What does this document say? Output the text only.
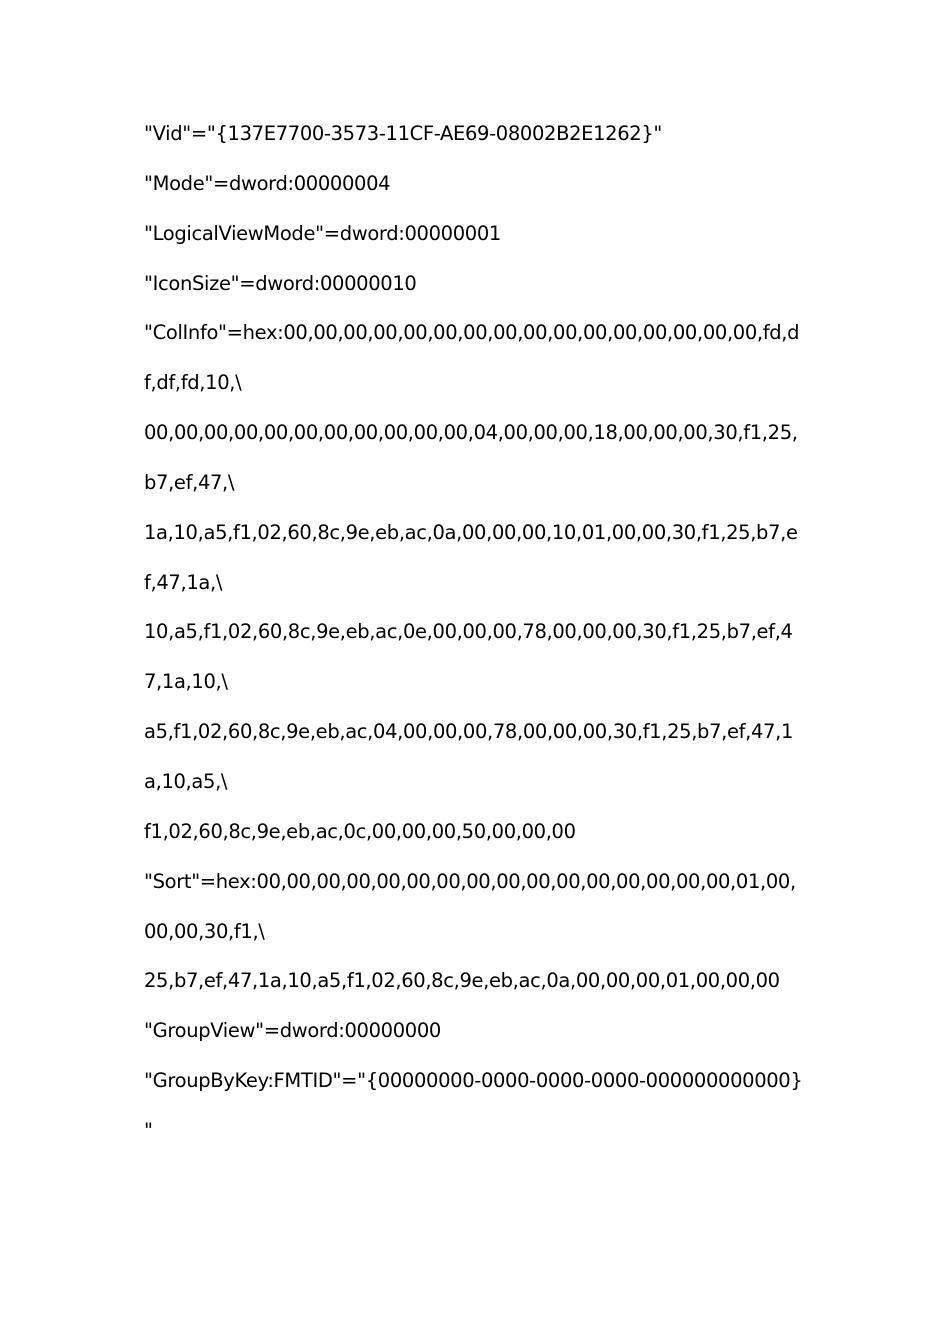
"Vid"="{137E7700-3573-11CF-AE69-08002B2E1262}"
"Mode"=dword:00000004
"LogicalViewMode"=dword:00000001
"IconSize"=dword:00000010
"ColInfo"=hex:00,00,00,00,00,00,00,00,00,00,00,00,00,00,00,00,fd,d
f,df,fd,10,\
00,00,00,00,00,00,00,00,00,00,00,04,00,00,00,18,00,00,00,30,f1,25,
b7,ef,47,\
1a,10,a5,f1,02,60,8c,9e,eb,ac,0a,00,00,00,10,01,00,00,30,f1,25,b7,e
f,47,1a,\
10,a5,f1,02,60,8c,9e,eb,ac,0e,00,00,00,78,00,00,00,30,f1,25,b7,ef,4
7,1a,10,\
a5,f1,02,60,8c,9e,eb,ac,04,00,00,00,78,00,00,00,30,f1,25,b7,ef,47,1
a,10,a5,\
f1,02,60,8c,9e,eb,ac,0c,00,00,00,50,00,00,00
"Sort"=hex:00,00,00,00,00,00,00,00,00,00,00,00,00,00,00,00,01,00,
00,00,30,f1,\
25,b7,ef,47,1a,10,a5,f1,02,60,8c,9e,eb,ac,0a,00,00,00,01,00,00,00
"GroupView"=dword:00000000
"GroupByKey:FMTID"="{00000000-0000-0000-0000-000000000000}
"
